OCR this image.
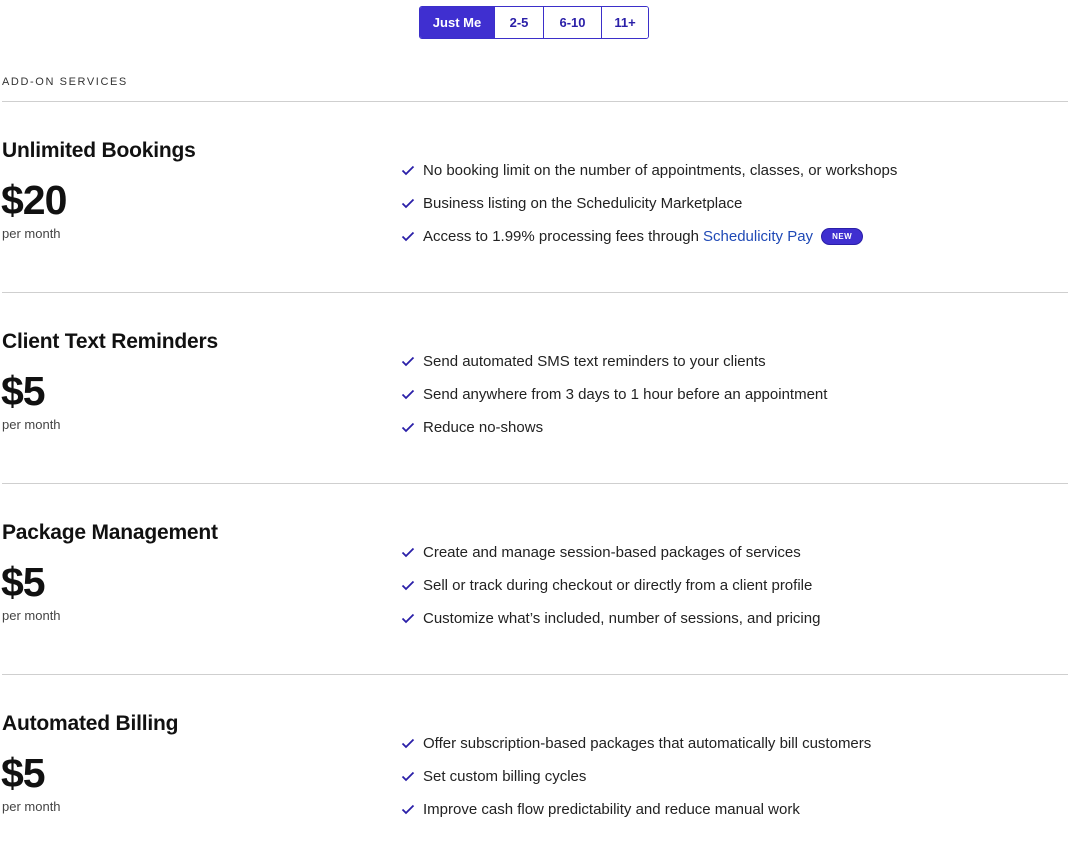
Just Me	2-5	6-10	11+
ADD-ON SERVICES
Unlimited Bookings
$20
per month
No booking limit on the number of appointments, classes, or workshops
Business listing on the Schedulicity Marketplace
Access to 1.99% processing fees through Schedulicity Pay	NEW
Client Text Reminders
$5
per month
Send automated SMS text reminders to your clients
Send anywhere from 3 days to 1 hour before an appointment
Reduce no-shows
Package Management
$5
per month
Create and manage session-based packages of services
Sell or track during checkout or directly from a client profile
Customize what’s included, number of sessions, and pricing
Automated Billing
$5
per month
Offer subscription-based packages that automatically bill customers
Set custom billing cycles
Improve cash flow predictability and reduce manual work
